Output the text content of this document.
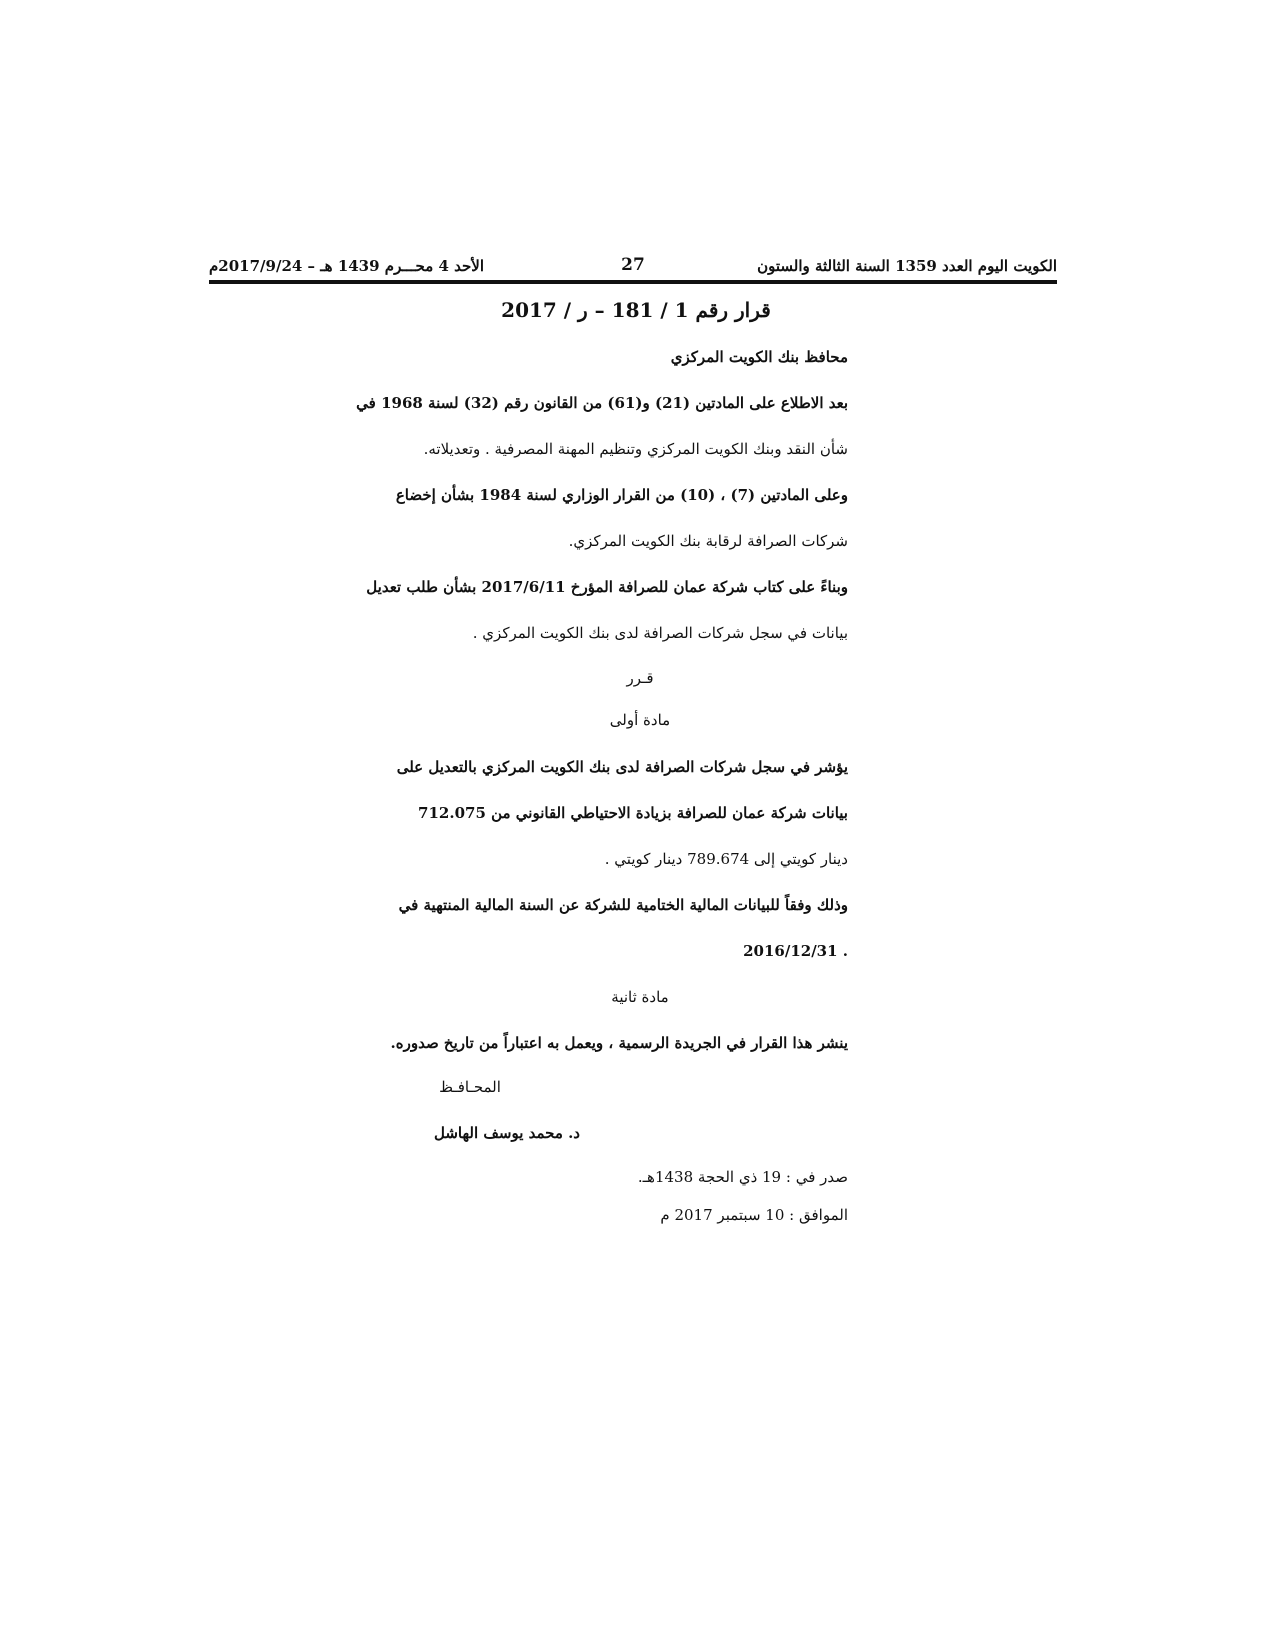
الكويت اليوم العدد 1359 السنة الثالثة والستون
27
الأحد 4 محـــرم 1439 هـ – 2017/9/24م
قرار رقم 1 / 181 – ر / 2017
محافظ بنك الكويت المركزي
بعد الاطلاع على المادتين (21) و(61) من القانون رقم (32) لسنة 1968 في
شأن النقد وبنك الكويت المركزي وتنظيم المهنة المصرفية . وتعديلاته.
وعلى المادتين (7) ، (10) من القرار الوزاري لسنة 1984 بشأن إخضاع
شركات الصرافة لرقابة بنك الكويت المركزي.
وبناءً على كتاب شركة عمان للصرافة المؤرخ 2017/6/11 بشأن طلب تعديل
بيانات في سجل شركات الصرافة لدى بنك الكويت المركزي .
قـرر
مادة أولى
يؤشر في سجل شركات الصرافة لدى بنك الكويت المركزي بالتعديل على
بيانات شركة عمان للصرافة بزيادة الاحتياطي القانوني من 712.075
دينار كويتي إلى 789.674 دينار كويتي .
وذلك وفقاً للبيانات المالية الختامية للشركة عن السنة المالية المنتهية في
2016/12/31 .
مادة ثانية
ينشر هذا القرار في الجريدة الرسمية ، ويعمل به اعتباراً من تاريخ صدوره.
المحـافـظ
د. محمد يوسف الهاشل
صدر في : 19 ذي الحجة 1438هـ.
الموافق : 10 سبتمبر 2017 م
